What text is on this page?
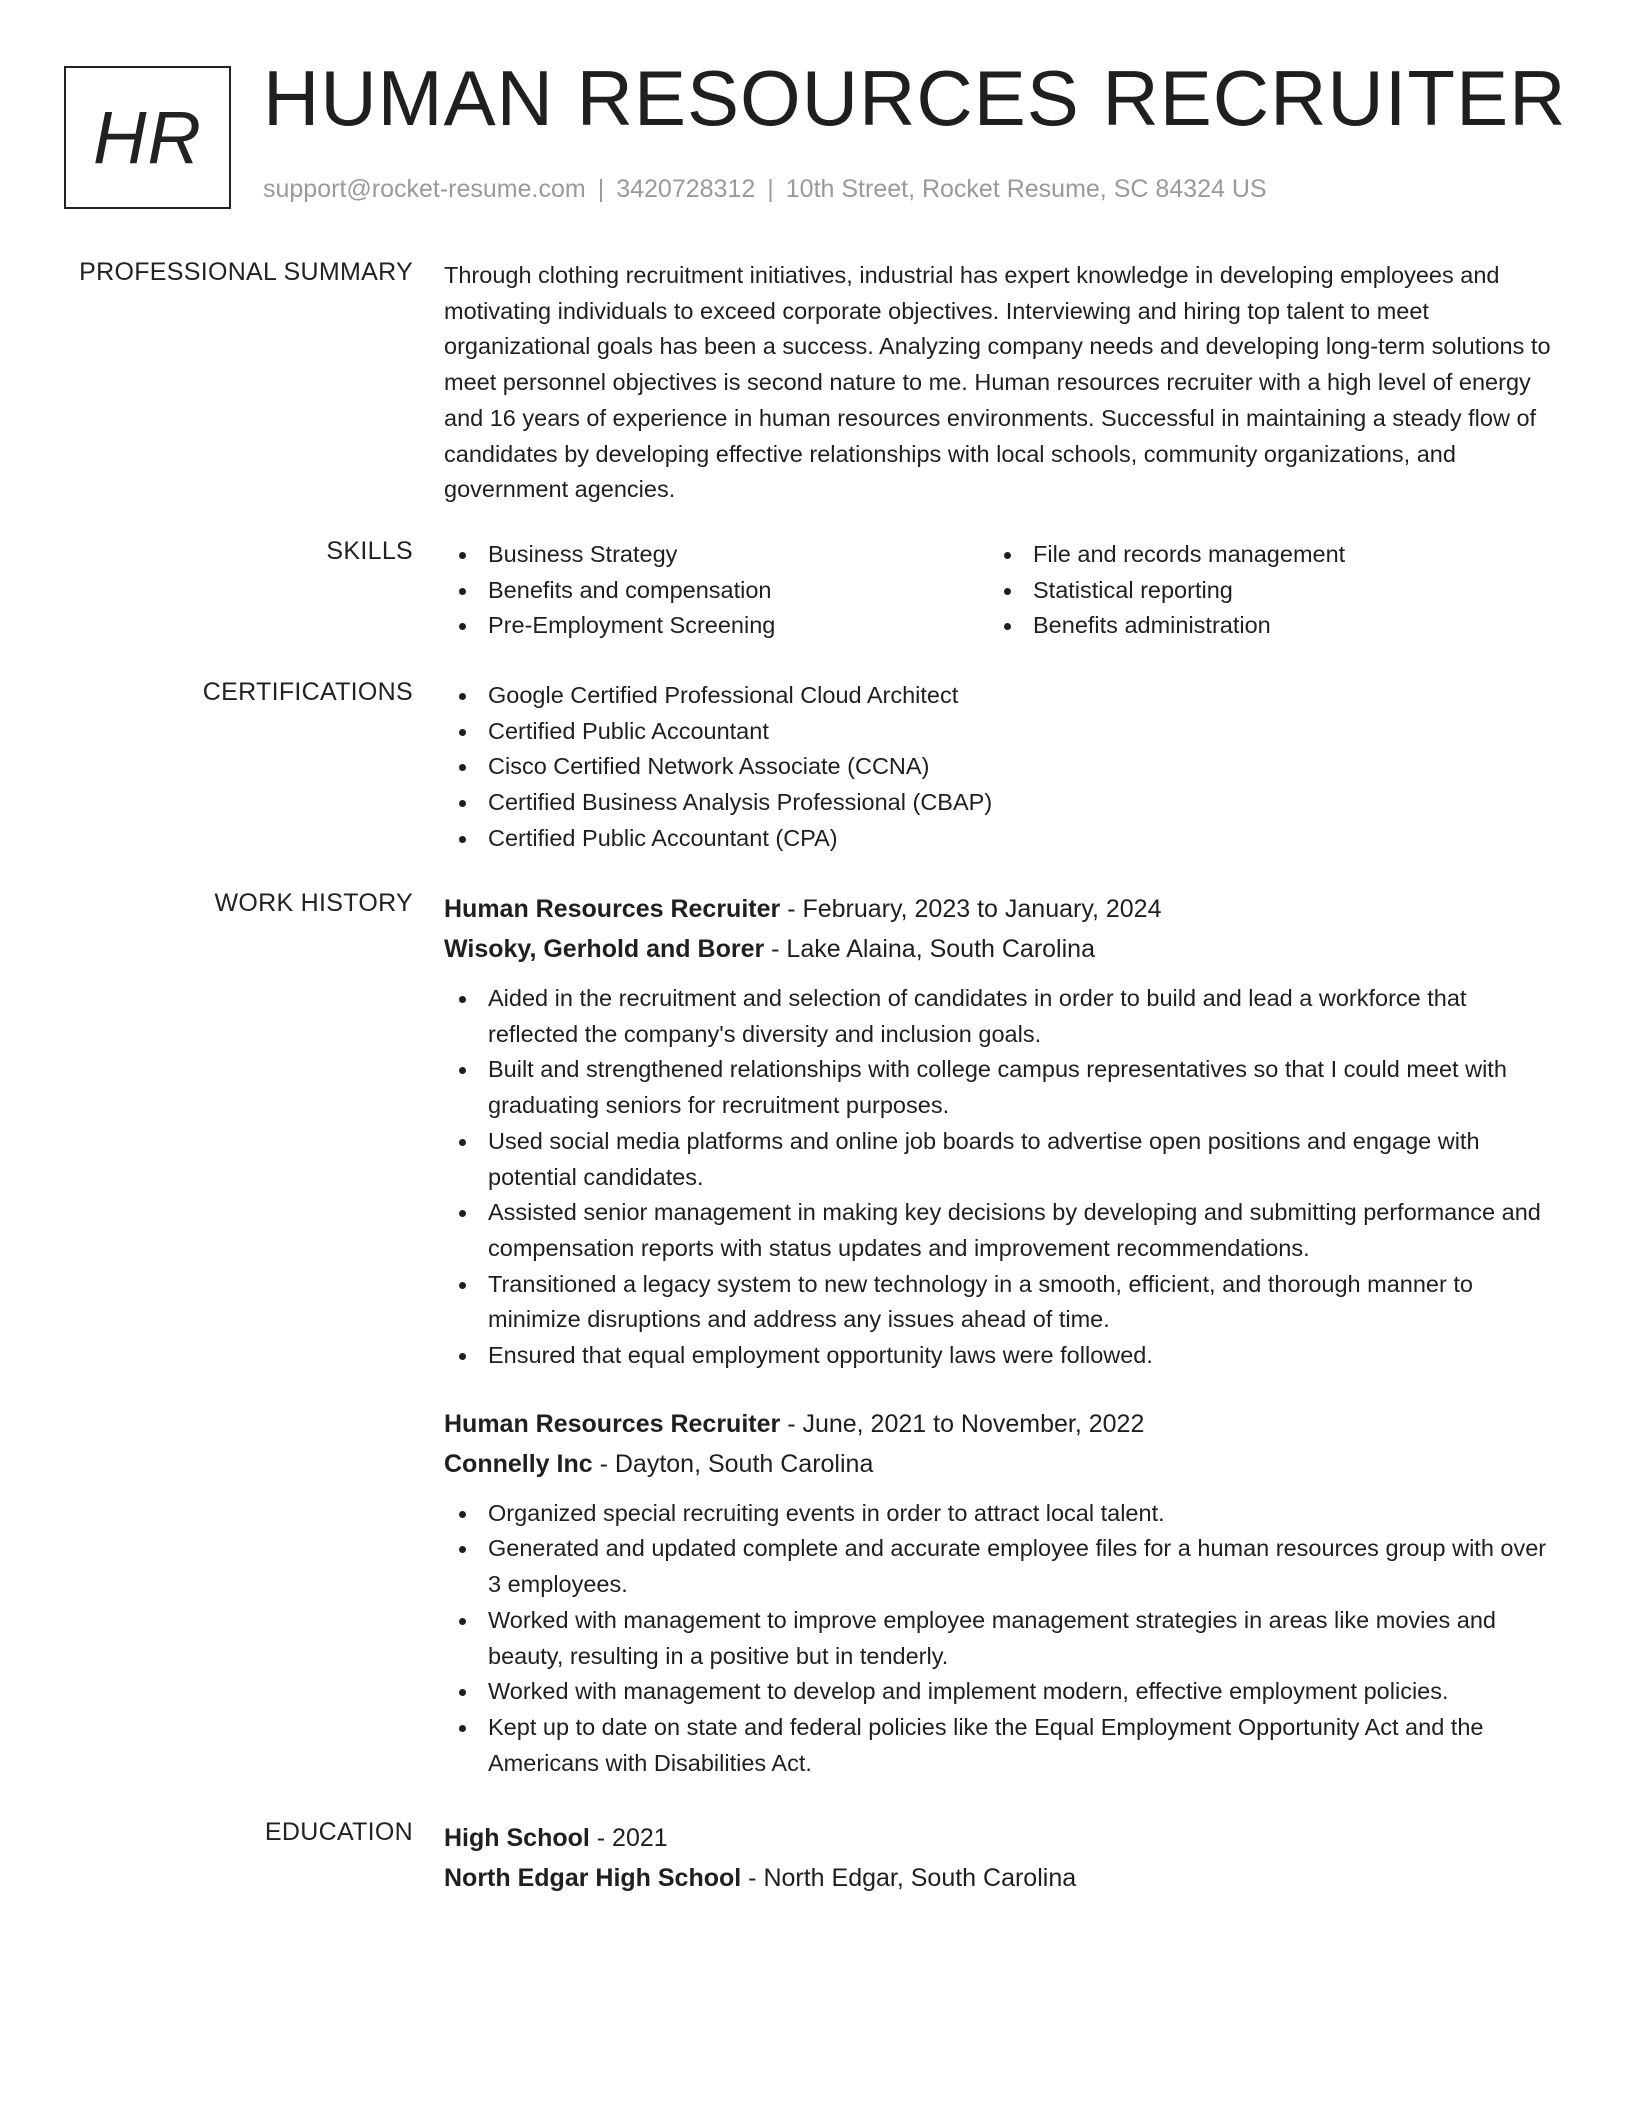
HR HUMAN RESOURCES RECRUITER
support@rocket-resume.com | 3420728312 | 10th Street, Rocket Resume, SC 84324 US
PROFESSIONAL SUMMARY Through clothing recruitment initiatives, industrial has expert knowledge in developing employees and motivating individuals to exceed corporate objectives. Interviewing and hiring top talent to meet organizational goals has been a success. Analyzing company needs and developing long-term solutions to meet personnel objectives is second nature to me. Human resources recruiter with a high level of energy and 16 years of experience in human resources environments. Successful in maintaining a steady flow of candidates by developing effective relationships with local schools, community organizations, and government agencies.
SKILLS	Business Strategy
Benefits and compensation
Pre-Employment Screening
File and records management
Statistical reporting
Benefits administration
CERTIFICATIONS	Google Certified Professional Cloud Architect
Certified Public Accountant
Cisco Certified Network Associate (CCNA)
Certified Business Analysis Professional (CBAP)
Certified Public Accountant (CPA)
WORK HISTORY Human Resources Recruiter - February, 2023 to January, 2024
Wisoky, Gerhold and Borer - Lake Alaina, South Carolina
Aided in the recruitment and selection of candidates in order to build and lead a workforce that reflected the company's diversity and inclusion goals.
Built and strengthened relationships with college campus representatives so that I could meet with graduating seniors for recruitment purposes.
Used social media platforms and online job boards to advertise open positions and engage with potential candidates.
Assisted senior management in making key decisions by developing and submitting performance and compensation reports with status updates and improvement recommendations.
Transitioned a legacy system to new technology in a smooth, efficient, and thorough manner to minimize disruptions and address any issues ahead of time.
Ensured that equal employment opportunity laws were followed.
Human Resources Recruiter - June, 2021 to November, 2022
Connelly Inc - Dayton, South Carolina
Organized special recruiting events in order to attract local talent.
Generated and updated complete and accurate employee files for a human resources group with over 3 employees.
Worked with management to improve employee management strategies in areas like movies and beauty, resulting in a positive but in tenderly.
Worked with management to develop and implement modern, effective employment policies.
Kept up to date on state and federal policies like the Equal Employment Opportunity Act and the Americans with Disabilities Act.
EDUCATION High School - 2021
North Edgar High School - North Edgar, South Carolina
